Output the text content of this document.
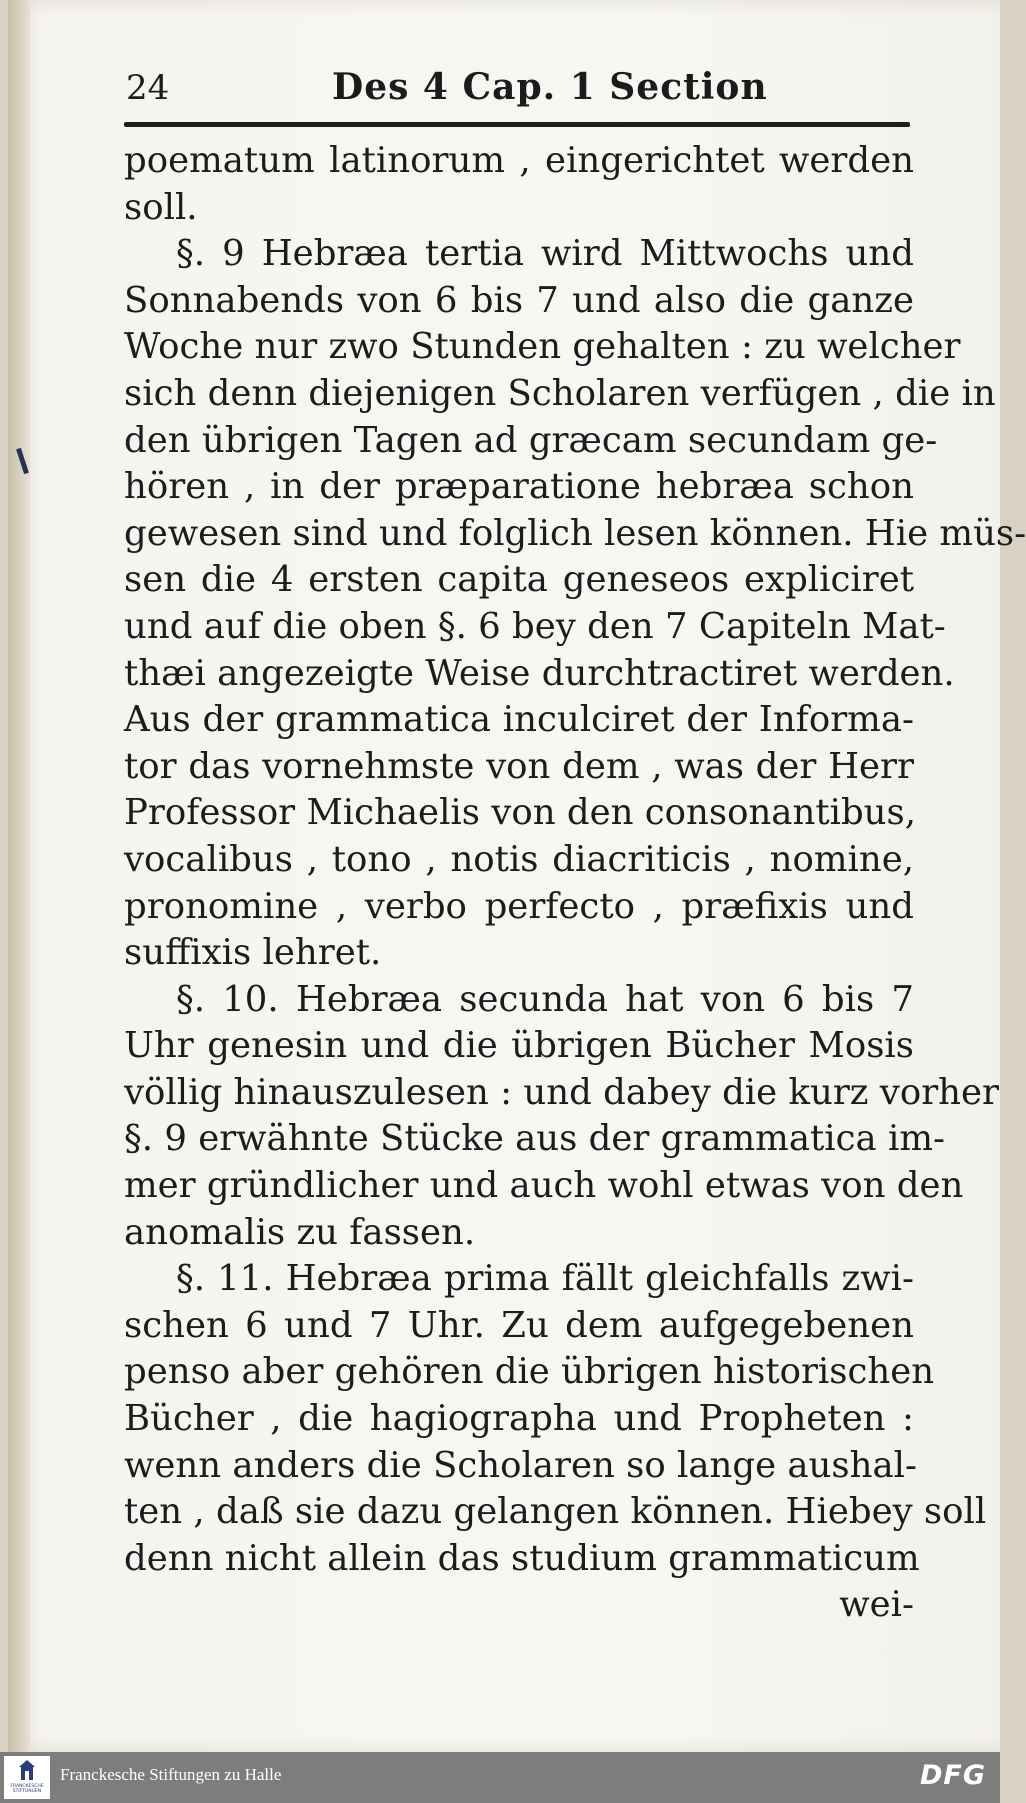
24	Des 4 Cap. 1 Section
poematum latinorum , eingerichtet werden
soll.
§. 9 Hebræa tertia wird Mittwochs und
Sonnabends von 6 bis 7 und also die ganze
Woche nur zwo Stunden gehalten : zu welcher
sich denn diejenigen Scholaren verfügen , die in
den übrigen Tagen ad græcam secundam ge-
hören , in der præparatione hebræa schon
gewesen sind und folglich lesen können. Hie müs-
sen die 4 ersten capita geneseos expliciret
und auf die oben §. 6 bey den 7 Capiteln Mat-
thæi angezeigte Weise durchtractiret werden.
Aus der grammatica inculciret der Informa-
tor das vornehmste von dem , was der Herr
Professor Michaelis von den consonantibus,
vocalibus , tono , notis diacriticis , nomine,
pronomine , verbo perfecto , præfixis und
suffixis lehret.
§. 10. Hebræa secunda hat von 6 bis 7
Uhr genesin und die übrigen Bücher Mosis
völlig hinauszulesen : und dabey die kurz vorher
§. 9 erwähnte Stücke aus der grammatica im-
mer gründlicher und auch wohl etwas von den
anomalis zu fassen.
§. 11. Hebræa prima fällt gleichfalls zwi-
schen 6 und 7 Uhr. Zu dem aufgegebenen
penso aber gehören die übrigen historischen
Bücher , die hagiographa und Propheten :
wenn anders die Scholaren so lange aushal-
ten , daß sie dazu gelangen können. Hiebey soll
denn nicht allein das studium grammaticum
wei-
FRANCKESCHE STIFTUNGEN
Franckesche Stiftungen zu Halle	DFG
